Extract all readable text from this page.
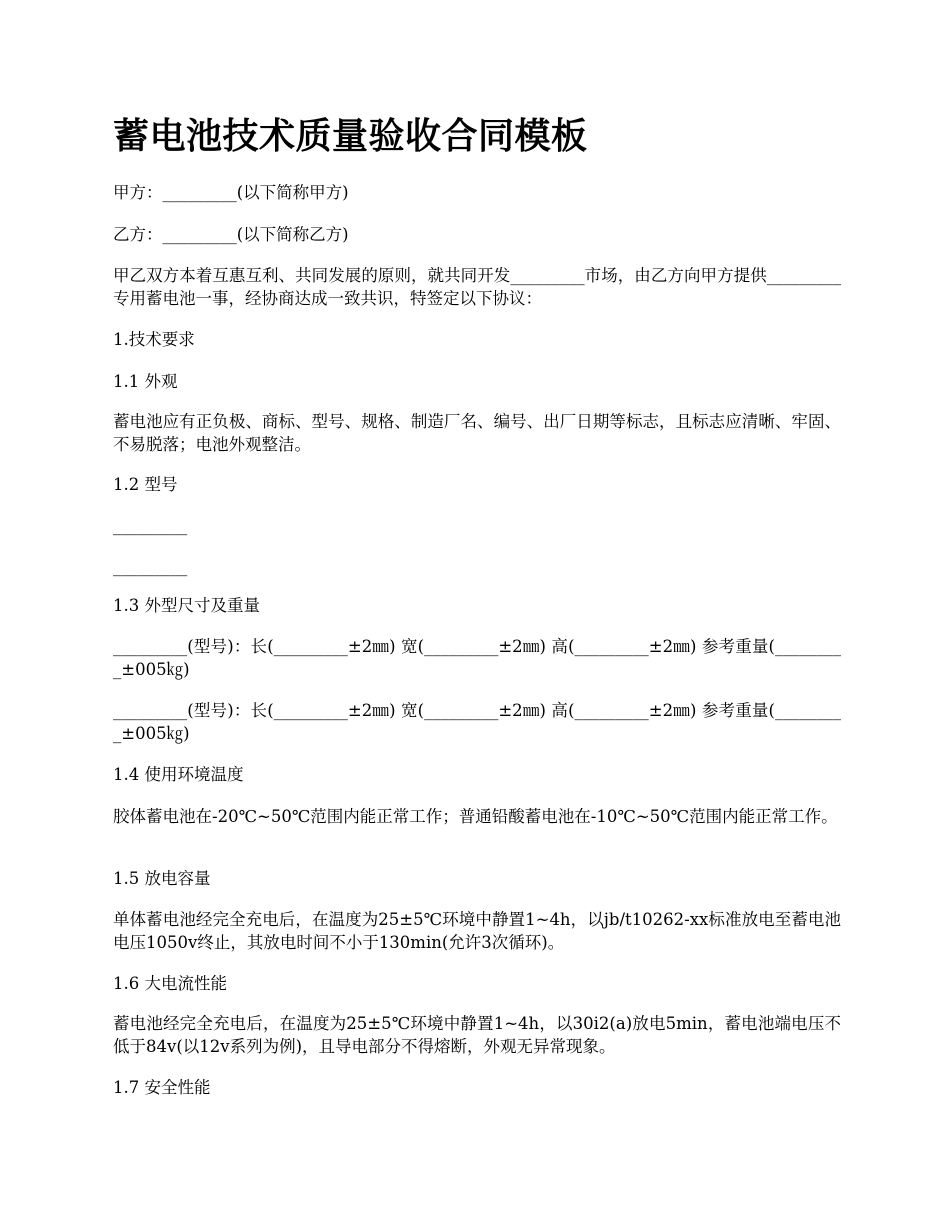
蓄电池技术质量验收合同模板

甲方：_________(以下简称甲方)

乙方：_________(以下简称乙方)

甲乙双方本着互惠互利、共同发展的原则，就共同开发_________市场，由乙方向甲方提供_________专用蓄电池一事，经协商达成一致共识，特签定以下协议：

1.技术要求

1.1 外观

蓄电池应有正负极、商标、型号、规格、制造厂名、编号、出厂日期等标志，且标志应清晰、牢固、不易脱落；电池外观整洁。

1.2 型号

_________

_________

1.3 外型尺寸及重量

_________(型号)：长(_________±2㎜) 宽(_________±2㎜) 高(_________±2㎜) 参考重量(_________±005㎏)

_________(型号)：长(_________±2㎜) 宽(_________±2㎜) 高(_________±2㎜) 参考重量(_________±005㎏)

1.4 使用环境温度

胶体蓄电池在-20℃~50℃范围内能正常工作；普通铅酸蓄电池在-10℃~50℃范围内能正常工作。

1.5 放电容量

单体蓄电池经完全充电后，在温度为25±5℃环境中静置1~4h，以jb/t10262-xx标准放电至蓄电池电压1050v终止，其放电时间不小于130min(允许3次循环)。

1.6 大电流性能

蓄电池经完全充电后，在温度为25±5℃环境中静置1~4h，以30i2(a)放电5min，蓄电池端电压不低于84v(以12v系列为例)，且导电部分不得熔断，外观无异常现象。

1.7 安全性能
